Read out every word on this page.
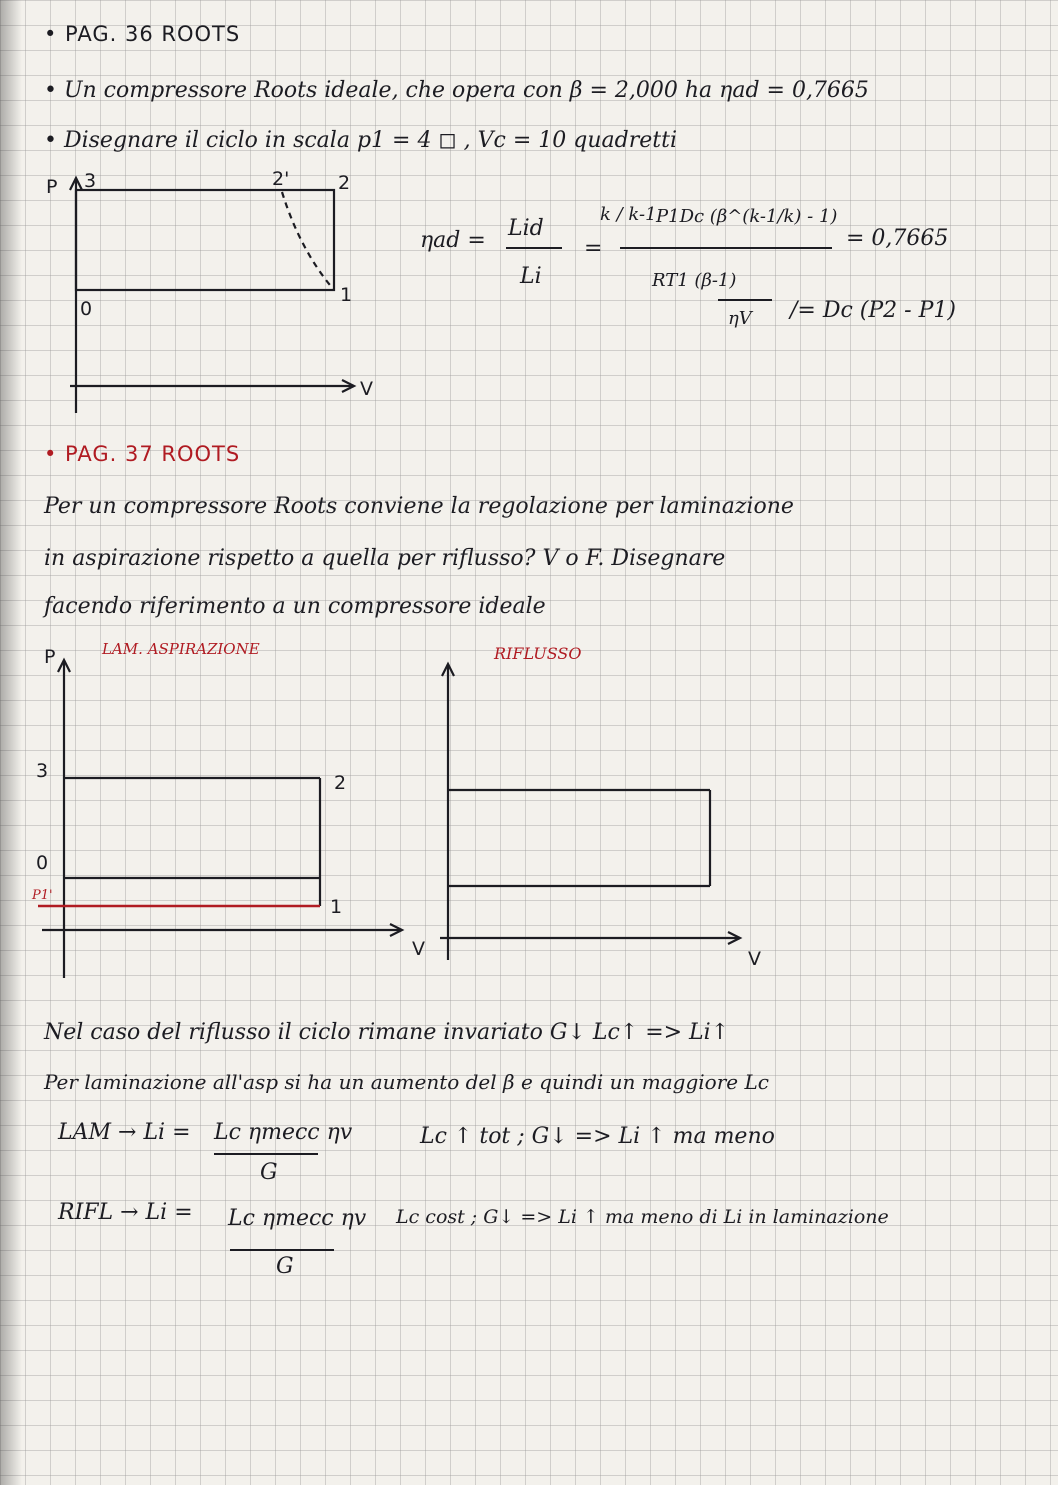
• PAG. 36 ROOTS
• Un compressore Roots ideale, che opera con β = 2,000 ha ηad = 0,7665
• Disegnare il ciclo in scala p1 = 4 ◻ , Vc = 10 quadretti
P
V
3	2'	2
0
1
ηad = Lid
Li
=
k / k-1 P1Dc (β^(k-1/k) - 1)
RT1 (β-1)
ηV
= 0,7665
/= Dc (P2 - P1)
• PAG. 37 ROOTS
Per un compressore Roots conviene la regolazione per laminazione
in aspirazione rispetto a quella per riflusso? V o F. Disegnare
facendo riferimento a un compressore ideale
LAM. ASPIRAZIONE
P
3
2
0
P1'
1
V
RIFLUSSO
V
Nel caso del riflusso il ciclo rimane invariato G↓ Lc↑ => Li↑
Per laminazione all'asp si ha un aumento del β e quindi un maggiore Lc
LAM → Li = Lc ηmecc ηv
G
Lc ↑ tot ; G↓ => Li ↑ ma meno
RIFL → Li = Lc ηmecc ηv
G
Lc cost ; G↓ => Li ↑ ma meno di Li in laminazione
